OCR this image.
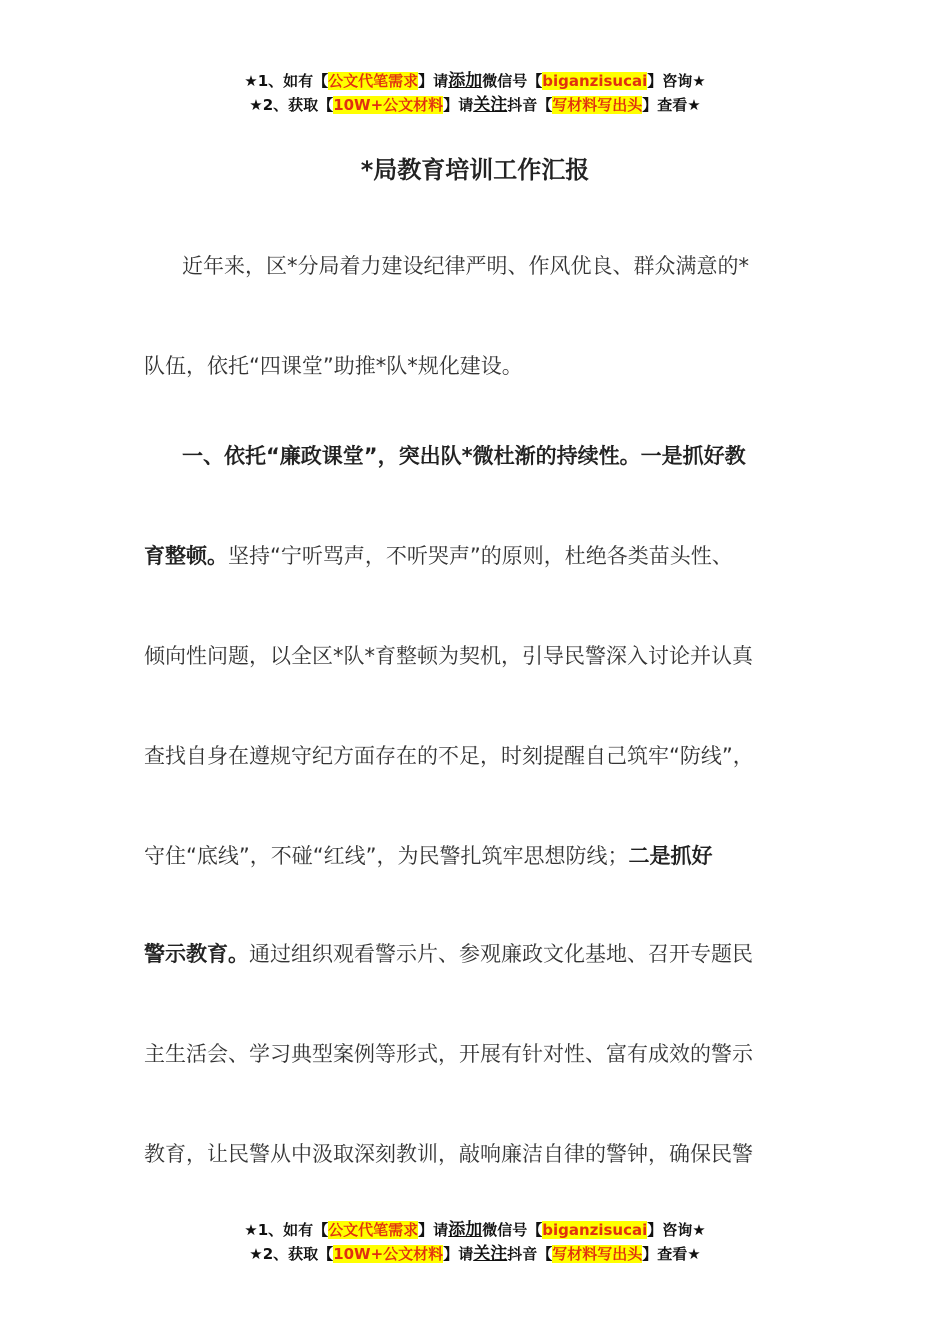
★1、如有【公文代笔需求】请添加微信号【biganzisucai】咨询★
★2、获取【10W+公文材料】请关注抖音【写材料写出头】查看★
*局教育培训工作汇报
近年来，区*分局着力建设纪律严明、作风优良、群众满意的*
队伍，依托“四课堂”助推*队*规化建设。
一、依托“廉政课堂”，突出队*微杜渐的持续性。一是抓好教
育整顿。坚持“宁听骂声，不听哭声”的原则，杜绝各类苗头性、
倾向性问题，以全区*队*育整顿为契机，引导民警深入讨论并认真
查找自身在遵规守纪方面存在的不足，时刻提醒自己筑牢“防线”，
守住“底线”，不碰“红线”，为民警扎筑牢思想防线；二是抓好
警示教育。通过组织观看警示片、参观廉政文化基地、召开专题民
主生活会、学习典型案例等形式，开展有针对性、富有成效的警示
教育，让民警从中汲取深刻教训，敲响廉洁自律的警钟，确保民警
★1、如有【公文代笔需求】请添加微信号【biganzisucai】咨询★
★2、获取【10W+公文材料】请关注抖音【写材料写出头】查看★
